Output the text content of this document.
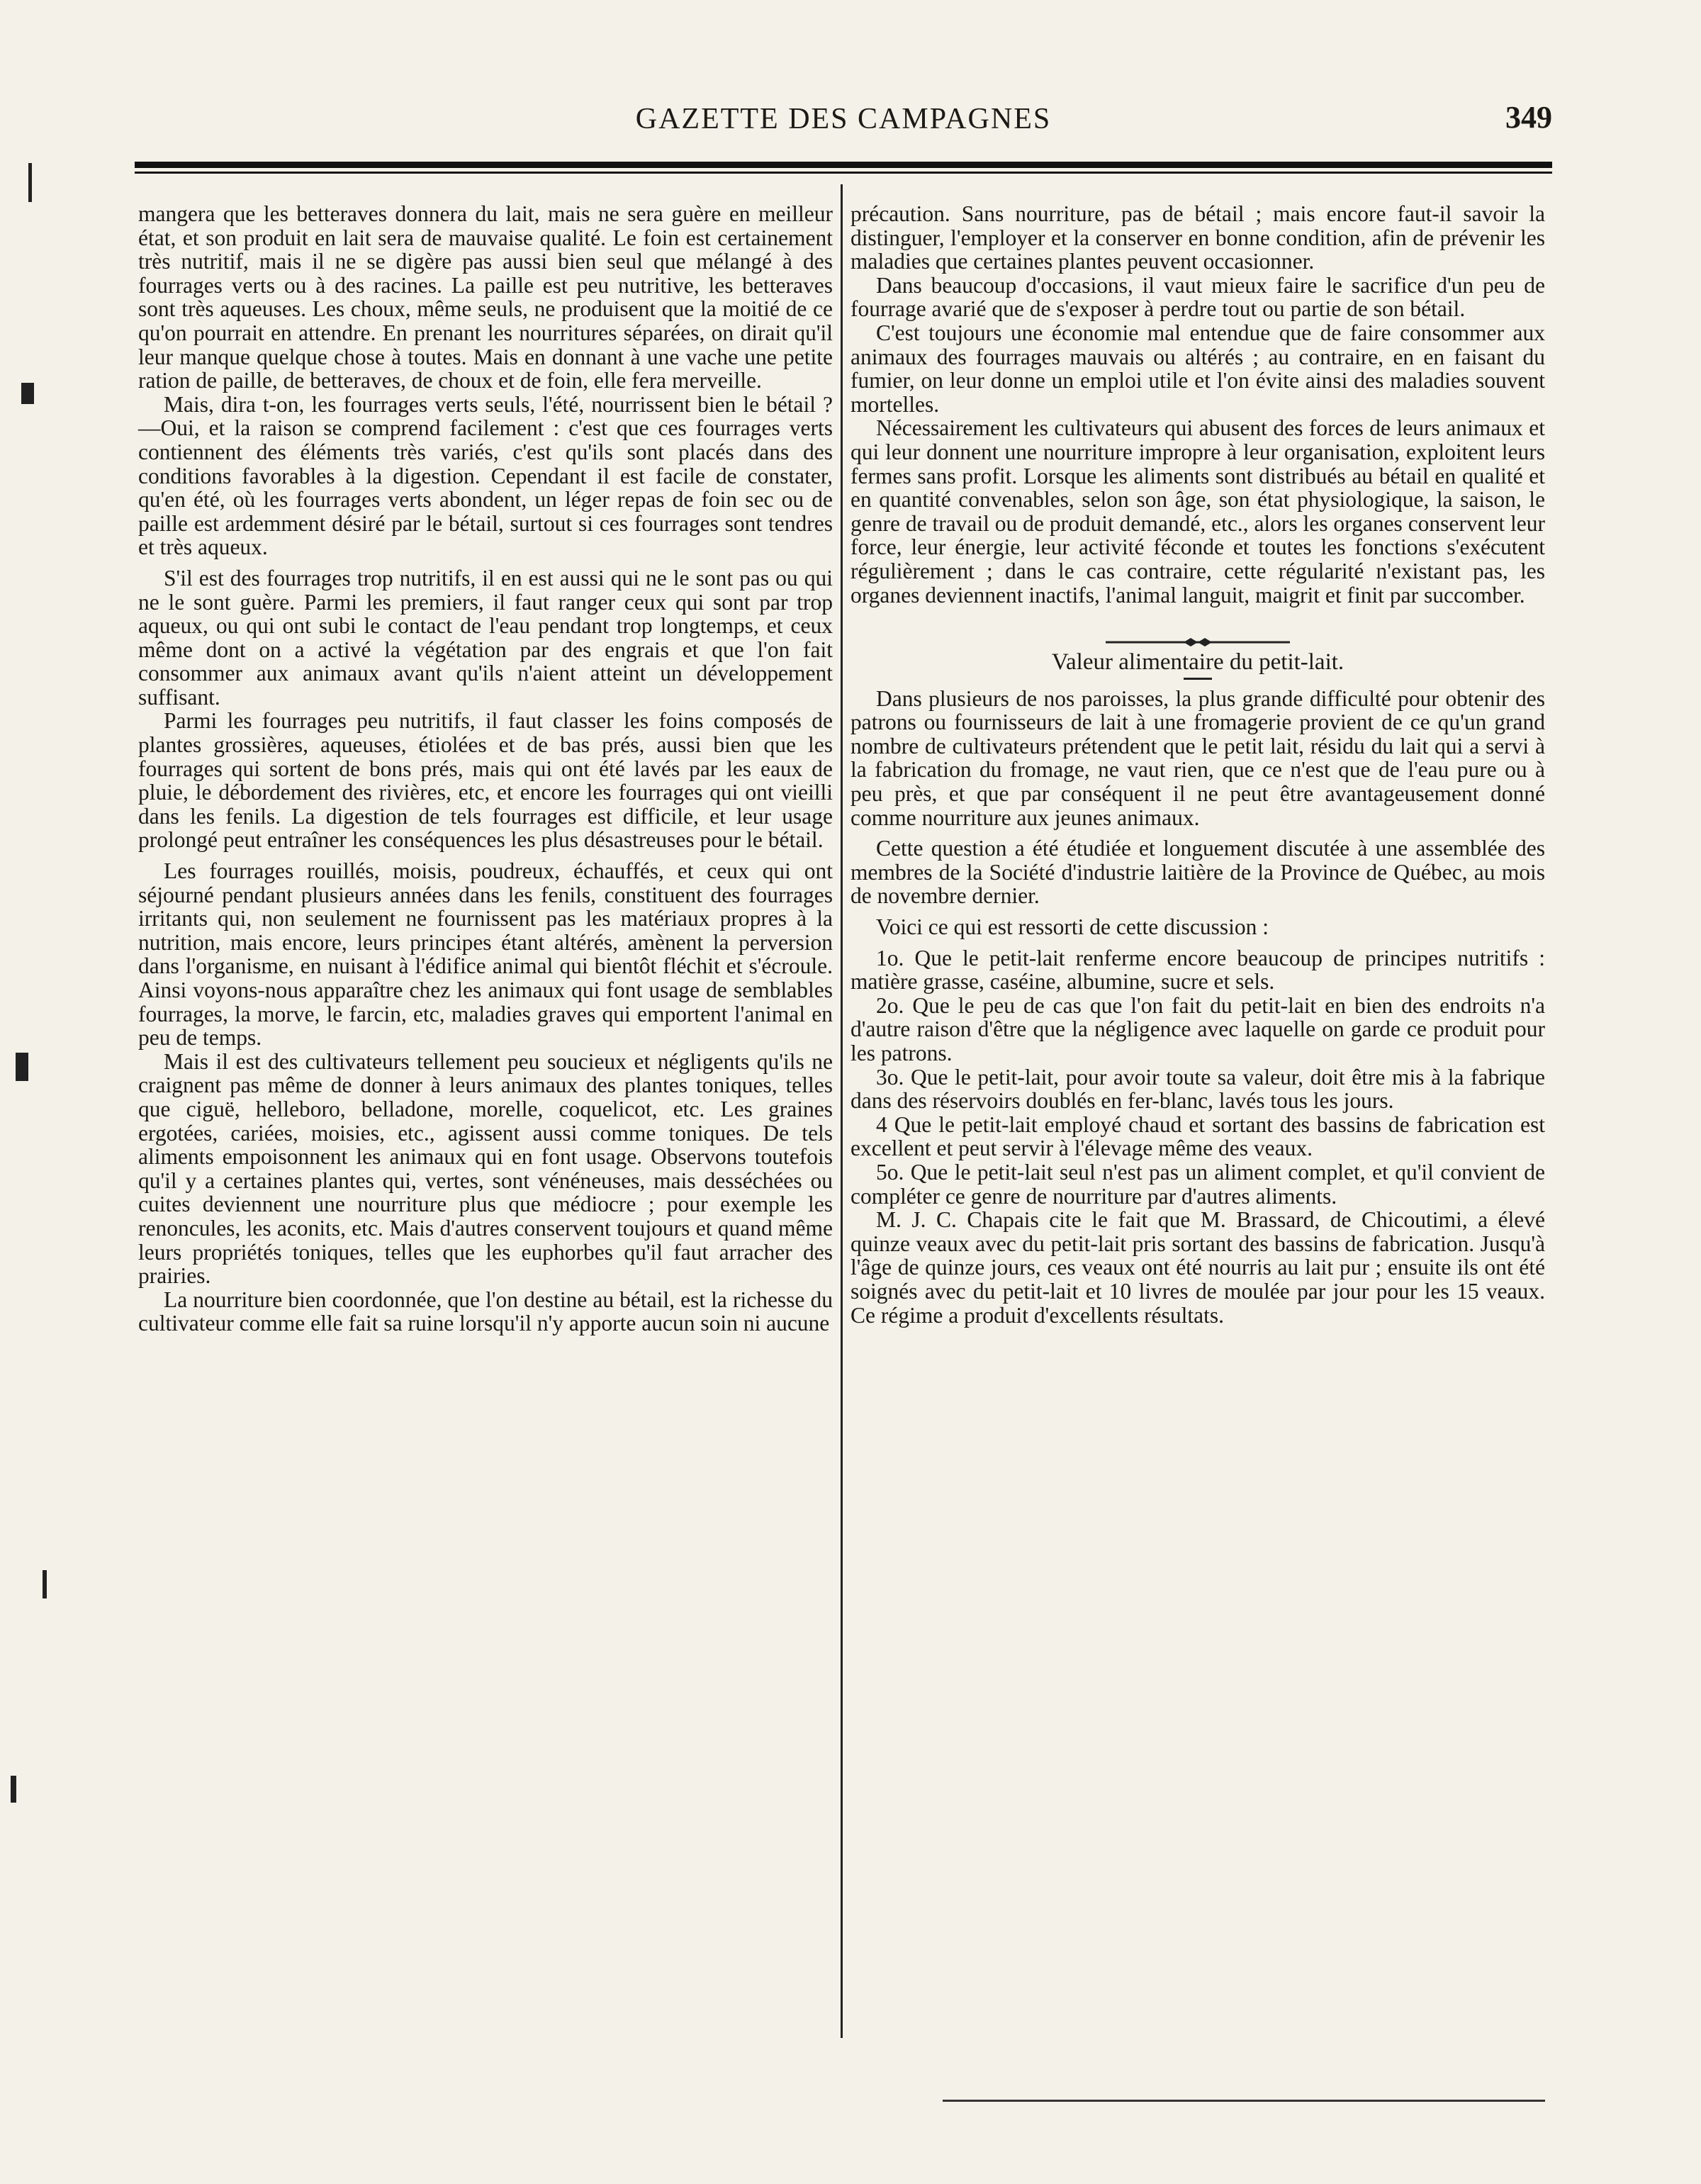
GAZETTE DES CAMPAGNES	349

mangera que les betteraves donnera du lait, mais ne sera guère en meilleur état, et son produit en lait sera de mauvaise qualité. Le foin est certainement très nutritif, mais il ne se digère pas aussi bien seul que mélangé à des fourrages verts ou à des racines. La paille est peu nutritive, les betteraves sont très aqueuses. Les choux, même seuls, ne produisent que la moitié de ce qu'on pourrait en attendre. En prenant les nourritures séparées, on dirait qu'il leur manque quelque chose à toutes. Mais en donnant à une vache une petite ration de paille, de betteraves, de choux et de foin, elle fera merveille.

Mais, dira t-on, les fourrages verts seuls, l'été, nourrissent bien le bétail ?—Oui, et la raison se comprend facilement : c'est que ces fourrages verts contiennent des éléments très variés, c'est qu'ils sont placés dans des conditions favorables à la digestion. Cependant il est facile de constater, qu'en été, où les fourrages verts abondent, un léger repas de foin sec ou de paille est ardemment désiré par le bétail, surtout si ces fourrages sont tendres et très aqueux.

S'il est des fourrages trop nutritifs, il en est aussi qui ne le sont pas ou qui ne le sont guère. Parmi les premiers, il faut ranger ceux qui sont par trop aqueux, ou qui ont subi le contact de l'eau pendant trop longtemps, et ceux même dont on a activé la végétation par des engrais et que l'on fait consommer aux animaux avant qu'ils n'aient atteint un développement suffisant.

Parmi les fourrages peu nutritifs, il faut classer les foins composés de plantes grossières, aqueuses, étiolées et de bas prés, aussi bien que les fourrages qui sortent de bons prés, mais qui ont été lavés par les eaux de pluie, le débordement des rivières, etc, et encore les fourrages qui ont vieilli dans les fenils. La digestion de tels fourrages est difficile, et leur usage prolongé peut entraîner les conséquences les plus désastreuses pour le bétail.

Les fourrages rouillés, moisis, poudreux, échauffés, et ceux qui ont séjourné pendant plusieurs années dans les fenils, constituent des fourrages irritants qui, non seulement ne fournissent pas les matériaux propres à la nutrition, mais encore, leurs principes étant altérés, amènent la perversion dans l'organisme, en nuisant à l'édifice animal qui bientôt fléchit et s'écroule. Ainsi voyons-nous apparaître chez les animaux qui font usage de semblables fourrages, la morve, le farcin, etc, maladies graves qui emportent l'animal en peu de temps.

Mais il est des cultivateurs tellement peu soucieux et négligents qu'ils ne craignent pas même de donner à leurs animaux des plantes toniques, telles que ciguë, helleboro, belladone, morelle, coquelicot, etc. Les graines ergotées, cariées, moisies, etc., agissent aussi comme toniques. De tels aliments empoisonnent les animaux qui en font usage. Observons toutefois qu'il y a certaines plantes qui, vertes, sont vénéneuses, mais desséchées ou cuites deviennent une nourriture plus que médiocre ; pour exemple les renoncules, les aconits, etc. Mais d'autres conservent toujours et quand même leurs propriétés toniques, telles que les euphorbes qu'il faut arracher des prairies.

La nourriture bien coordonnée, que l'on destine au bétail, est la richesse du cultivateur comme elle fait sa ruine lorsqu'il n'y apporte aucun soin ni aucune

précaution. Sans nourriture, pas de bétail ; mais encore faut-il savoir la distinguer, l'employer et la conserver en bonne condition, afin de prévenir les maladies que certaines plantes peuvent occasionner.

Dans beaucoup d'occasions, il vaut mieux faire le sacrifice d'un peu de fourrage avarié que de s'exposer à perdre tout ou partie de son bétail.

C'est toujours une économie mal entendue que de faire consommer aux animaux des fourrages mauvais ou altérés ; au contraire, en en faisant du fumier, on leur donne un emploi utile et l'on évite ainsi des maladies souvent mortelles.

Nécessairement les cultivateurs qui abusent des forces de leurs animaux et qui leur donnent une nourriture impropre à leur organisation, exploitent leurs fermes sans profit. Lorsque les aliments sont distribués au bétail en qualité et en quantité convenables, selon son âge, son état physiologique, la saison, le genre de travail ou de produit demandé, etc., alors les organes conservent leur force, leur énergie, leur activité féconde et toutes les fonctions s'exécutent régulièrement ; dans le cas contraire, cette régularité n'existant pas, les organes deviennent inactifs, l'animal languit, maigrit et finit par succomber.

Valeur alimentaire du petit-lait.

Dans plusieurs de nos paroisses, la plus grande difficulté pour obtenir des patrons ou fournisseurs de lait à une fromagerie provient de ce qu'un grand nombre de cultivateurs prétendent que le petit lait, résidu du lait qui a servi à la fabrication du fromage, ne vaut rien, que ce n'est que de l'eau pure ou à peu près, et que par conséquent il ne peut être avantageusement donné comme nourriture aux jeunes animaux.

Cette question a été étudiée et longuement discutée à une assemblée des membres de la Société d'industrie laitière de la Province de Québec, au mois de novembre dernier.

Voici ce qui est ressorti de cette discussion :

1o. Que le petit-lait renferme encore beaucoup de principes nutritifs : matière grasse, caséine, albumine, sucre et sels.

2o. Que le peu de cas que l'on fait du petit-lait en bien des endroits n'a d'autre raison d'être que la négligence avec laquelle on garde ce produit pour les patrons.

3o. Que le petit-lait, pour avoir toute sa valeur, doit être mis à la fabrique dans des réservoirs doublés en fer-blanc, lavés tous les jours.

4 Que le petit-lait employé chaud et sortant des bassins de fabrication est excellent et peut servir à l'élevage même des veaux.

5o. Que le petit-lait seul n'est pas un aliment complet, et qu'il convient de compléter ce genre de nourriture par d'autres aliments.

M. J. C. Chapais cite le fait que M. Brassard, de Chicoutimi, a élevé quinze veaux avec du petit-lait pris sortant des bassins de fabrication. Jusqu'à l'âge de quinze jours, ces veaux ont été nourris au lait pur ; ensuite ils ont été soignés avec du petit-lait et 10 livres de moulée par jour pour les 15 veaux. Ce régime a produit d'excellents résultats.
